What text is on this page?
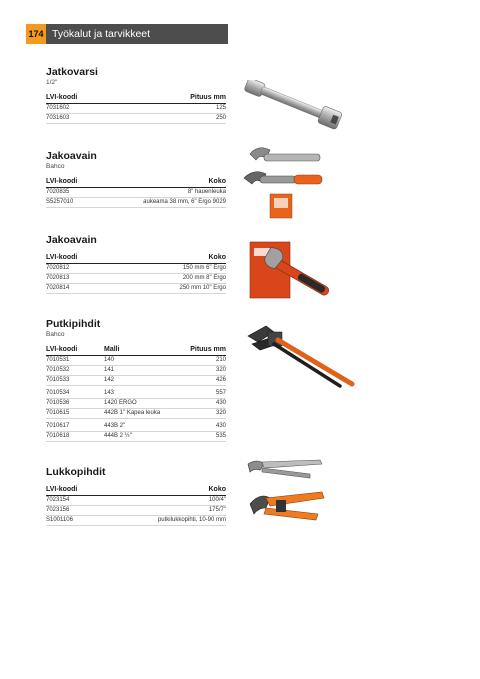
174 Työkalut ja tarvikkeet
Jatkovarsi
1/2"
LVI-koodi	Pituus mm
7031602	125
7031603	250
Jakoavain
Bahco
LVI-koodi	Koko
7020835	8" hauenleuka
S5257010	aukeama 38 mm, 6" Ergo 9029
Jakoavain
LVI-koodi	Koko
7020812	150 mm 6" Ergo
7020813	200 mm 8" Ergo
7020814	250 mm 10" Ergo
Putkipihdit
Bahco
LVI-koodi	Malli	Pituus mm
7010531	140	210
7010532	141	320
7010533	142	426

7010534	143	557
7010536	1420 ERGO	430
7010615	442B 1" Kapea leuka	320

7010617	443B 2"	430
7010618	444B 2 ½"	535
Lukkopihdit
LVI-koodi	Koko
7023154	100/4"
7023156	175/7"
S1001106	putkilukkopihti, 10-90 mm
